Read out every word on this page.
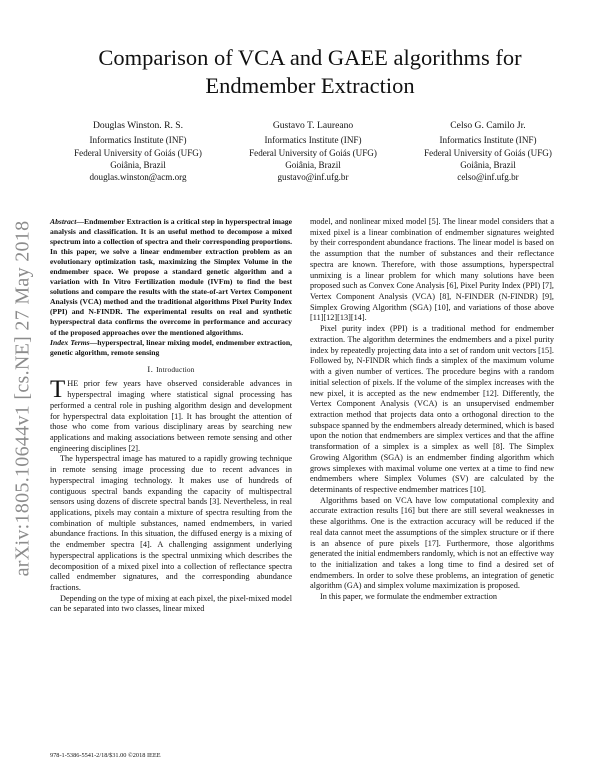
arXiv:1805.10644v1 [cs.NE] 27 May 2018
Comparison of VCA and GAEE algorithms for Endmember Extraction
Douglas Winston. R. S.
Informatics Institute (INF)
Federal University of Goiás (UFG)
Goiânia, Brazil
douglas.winston@acm.org
Gustavo T. Laureano
Informatics Institute (INF)
Federal University of Goiás (UFG)
Goiânia, Brazil
gustavo@inf.ufg.br
Celso G. Camilo Jr.
Informatics Institute (INF)
Federal University of Goiás (UFG)
Goiânia, Brazil
celso@inf.ufg.br
Abstract—Endmember Extraction is a critical step in hyperspectral image analysis and classification. It is an useful method to decompose a mixed spectrum into a collection of spectra and their corresponding proportions. In this paper, we solve a linear endmember extraction problem as an evolutionary optimization task, maximizing the Simplex Volume in the endmember space. We propose a standard genetic algorithm and a variation with In Vitro Fertilization module (IVFm) to find the best solutions and compare the results with the state-of-art Vertex Component Analysis (VCA) method and the traditional algorithms Pixel Purity Index (PPI) and N-FINDR. The experimental results on real and synthetic hyperspectral data confirms the overcome in performance and accuracy of the proposed approaches over the mentioned algorithms.
Index Terms—hyperspectral, linear mixing model, endmember extraction, genetic algorithm, remote sensing
I. Introduction

THE prior few years have observed considerable advances in hyperspectral imaging where statistical signal processing has performed a central role in pushing algorithm design and development for hyperspectral data exploitation [1]. It has brought the attention of those who come from various disciplinary areas by searching new applications and making associations between remote sensing and other engineering disciplines [2].

The hyperspectral image has matured to a rapidly growing technique in remote sensing image processing due to recent advances in hyperspectral imaging technology. It makes use of hundreds of contiguous spectral bands expanding the capacity of multispectral sensors using dozens of discrete spectral bands [3]. Nevertheless, in real applications, pixels may contain a mixture of spectra resulting from the combination of multiple substances, named endmembers, in varied abundance fractions. In this situation, the diffused energy is a mixing of the endmember spectra [4]. A challenging assignment underlying hyperspectral applications is the spectral unmixing which describes the decomposition of a mixed pixel into a collection of reflectance spectra called endmember signatures, and the corresponding abundance fractions.

Depending on the type of mixing at each pixel, the pixel-mixed model can be separated into two classes, linear mixed

model, and nonlinear mixed model [5]. The linear model considers that a mixed pixel is a linear combination of endmember signatures weighted by their correspondent abundance fractions. The linear model is based on the assumption that the number of substances and their reflectance spectra are known. Therefore, with those assumptions, hyperspectral unmixing is a linear problem for which many solutions have been proposed such as Convex Cone Analysis [6], Pixel Purity Index (PPI) [7], Vertex Component Analysis (VCA) [8], N-FINDER (N-FINDR) [9], Simplex Growing Algorithm (SGA) [10], and variations of those above [11][12][13][14].

Pixel purity index (PPI) is a traditional method for endmember extraction. The algorithm determines the endmembers and a pixel purity index by repeatedly projecting data into a set of random unit vectors [15]. Followed by, N-FINDR which finds a simplex of the maximum volume with a given number of vertices. The procedure begins with a random initial selection of pixels. If the volume of the simplex increases with the new pixel, it is accepted as the new endmember [12]. Differently, the Vertex Component Analysis (VCA) is an unsupervised endmember extraction method that projects data onto a orthogonal direction to the subspace spanned by the endmembers already determined, which is based upon the notion that endmembers are simplex vertices and that the affine transformation of a simplex is a simplex as well [8]. The Simplex Growing Algorithm (SGA) is an endmember finding algorithm which grows simplexes with maximal volume one vertex at a time to find new endmembers where Simplex Volumes (SV) are calculated by the determinants of respective endmember matrices [10].

Algorithms based on VCA have low computational complexity and accurate extraction results [16] but there are still several weaknesses in these algorithms. One is the extraction accuracy will be reduced if the real data cannot meet the assumptions of the simplex structure or if there is an absence of pure pixels [17]. Furthermore, those algorithms generated the initial endmembers randomly, which is not an effective way to the initialization and takes a long time to find a desired set of endmembers. In order to solve these problems, an integration of genetic algorithm (GA) and simplex volume maximization is proposed.

In this paper, we formulate the endmember extraction

978-1-5386-5541-2/18/$31.00 ©2018 IEEE
